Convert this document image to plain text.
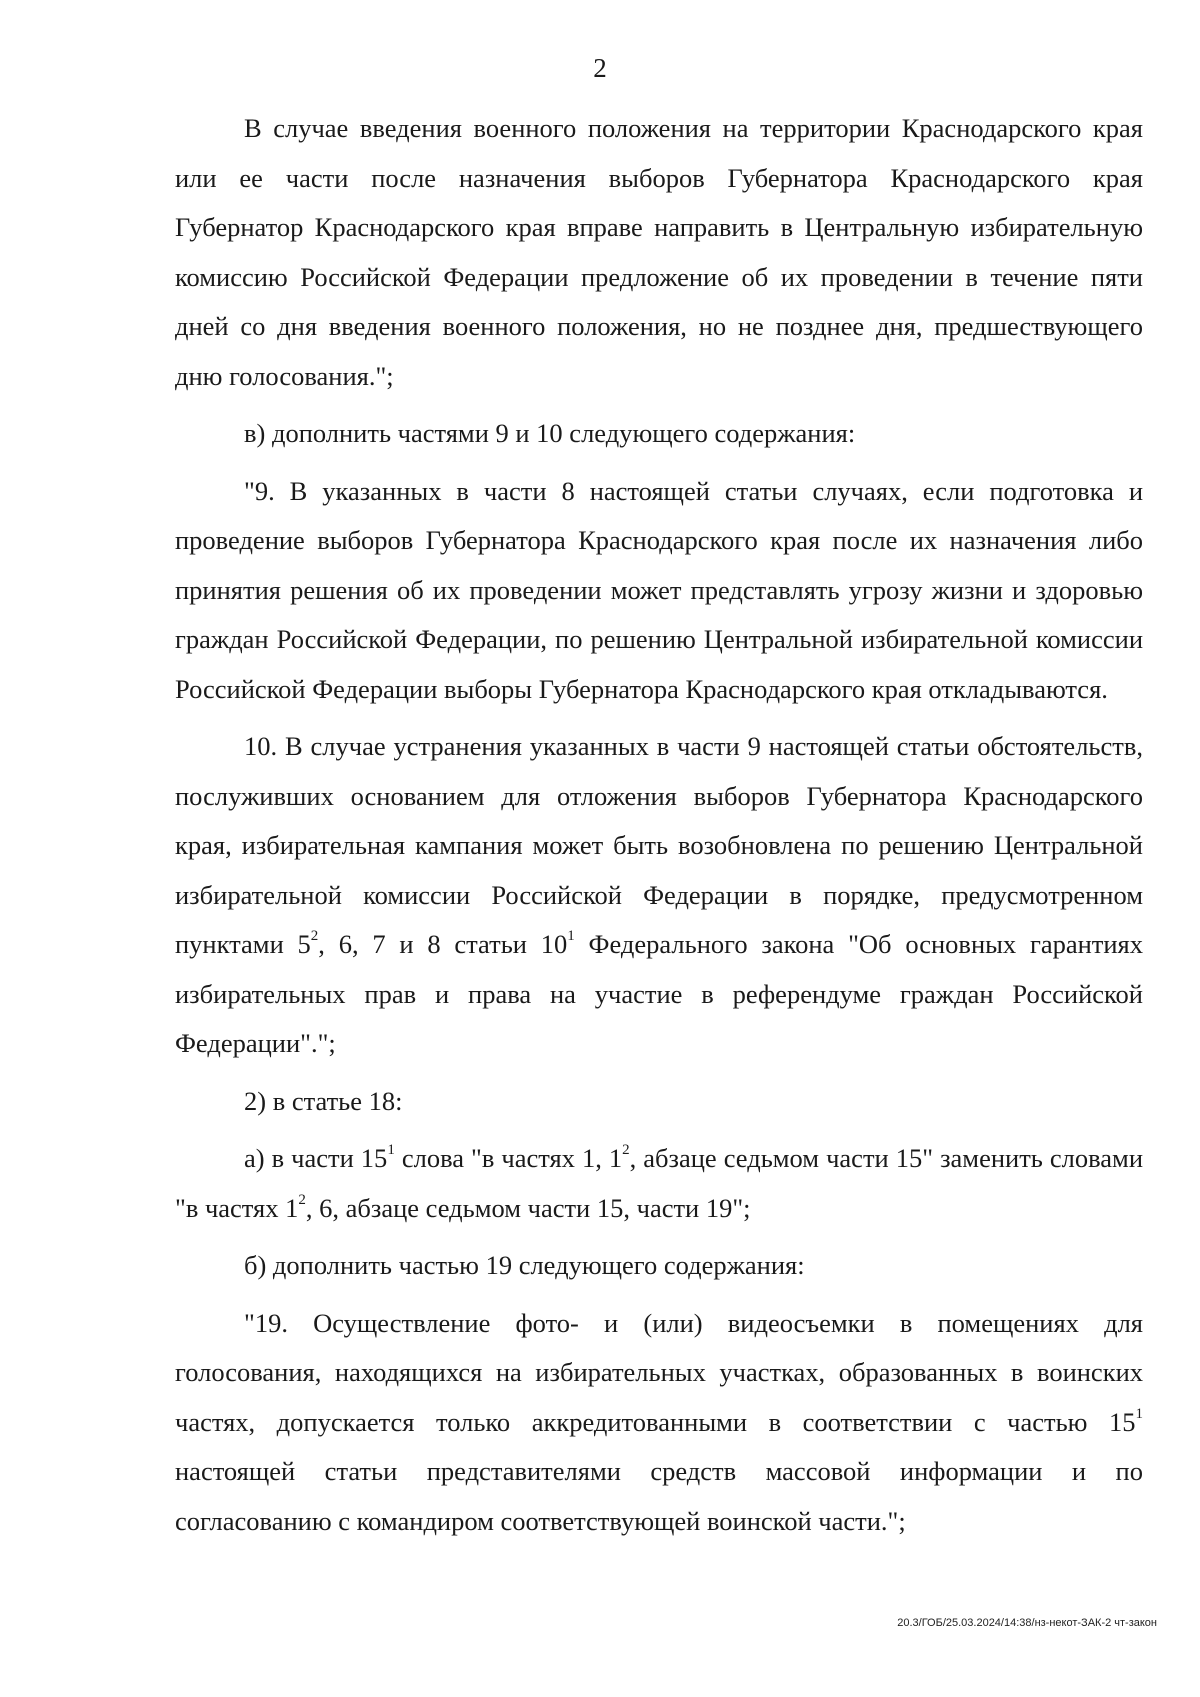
2

В случае введения военного положения на территории Краснодарского края или ее части после назначения выборов Губернатора Краснодарского края Губернатор Краснодарского края вправе направить в Центральную избирательную комиссию Российской Федерации предложение об их проведении в течение пяти дней со дня введения военного положения, но не позднее дня, предшествующего дню голосования.";

в) дополнить частями 9 и 10 следующего содержания:

"9. В указанных в части 8 настоящей статьи случаях, если подготовка и проведение выборов Губернатора Краснодарского края после их назначения либо принятия решения об их проведении может представлять угрозу жизни и здоровью граждан Российской Федерации, по решению Центральной избирательной комиссии Российской Федерации выборы Губернатора Краснодарского края откладываются.

10. В случае устранения указанных в части 9 настоящей статьи обстоятельств, послуживших основанием для отложения выборов Губернатора Краснодарского края, избирательная кампания может быть возобновлена по решению Центральной избирательной комиссии Российской Федерации в порядке, предусмотренном пунктами $5^2$, 6, 7 и 8 статьи $10^1$ Федерального закона "Об основных гарантиях избирательных прав и права на участие в референдуме граждан Российской Федерации".";

2) в статье 18:

а) в части $15^1$ слова "в частях 1, $1^2$, абзаце седьмом части 15" заменить словами "в частях $1^2$, 6, абзаце седьмом части 15, части 19";

б) дополнить частью 19 следующего содержания:

"19. Осуществление фото- и (или) видеосъемки в помещениях для голосования, находящихся на избирательных участках, образованных в воинских частях, допускается только аккредитованными в соответствии с частью $15^1$ настоящей статьи представителями средств массовой информации и по согласованию с командиром соответствующей воинской части.";

20.3/ГОБ/25.03.2024/14:38/нз-некот-ЗАК-2 чт-закон
